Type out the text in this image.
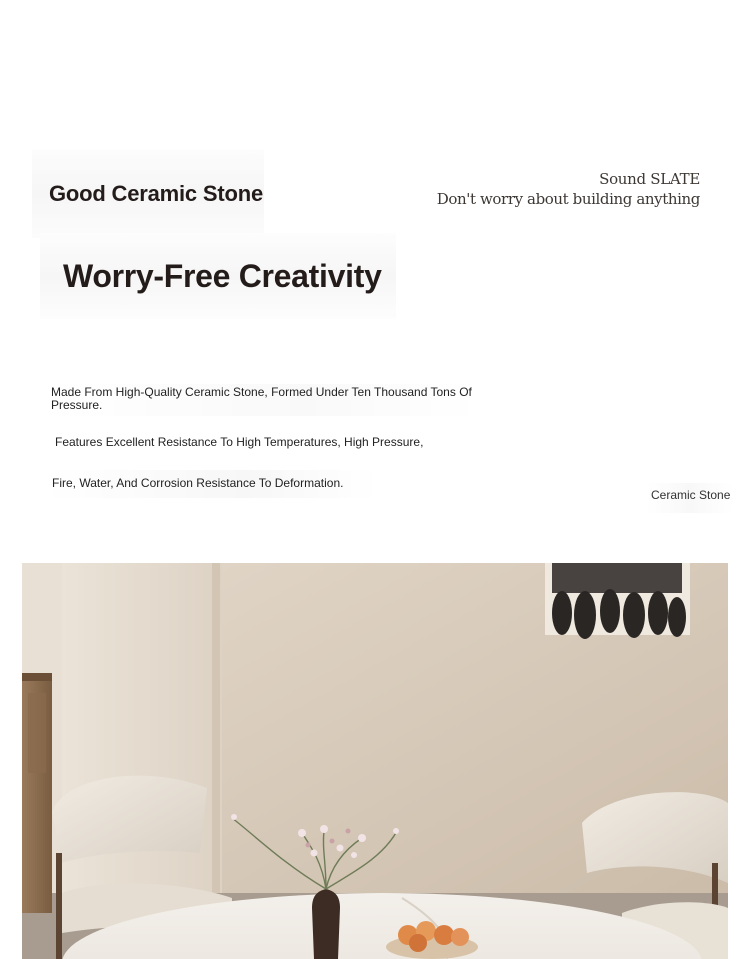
Good Ceramic Stone
Sound SLATE
Don't worry about building anything
Worry-Free Creativity
Made From High-Quality Ceramic Stone, Formed Under Ten Thousand Tons Of Pressure.
Features Excellent Resistance To High Temperatures, High Pressure,
Fire, Water, And Corrosion Resistance To Deformation.
Ceramic Stone
